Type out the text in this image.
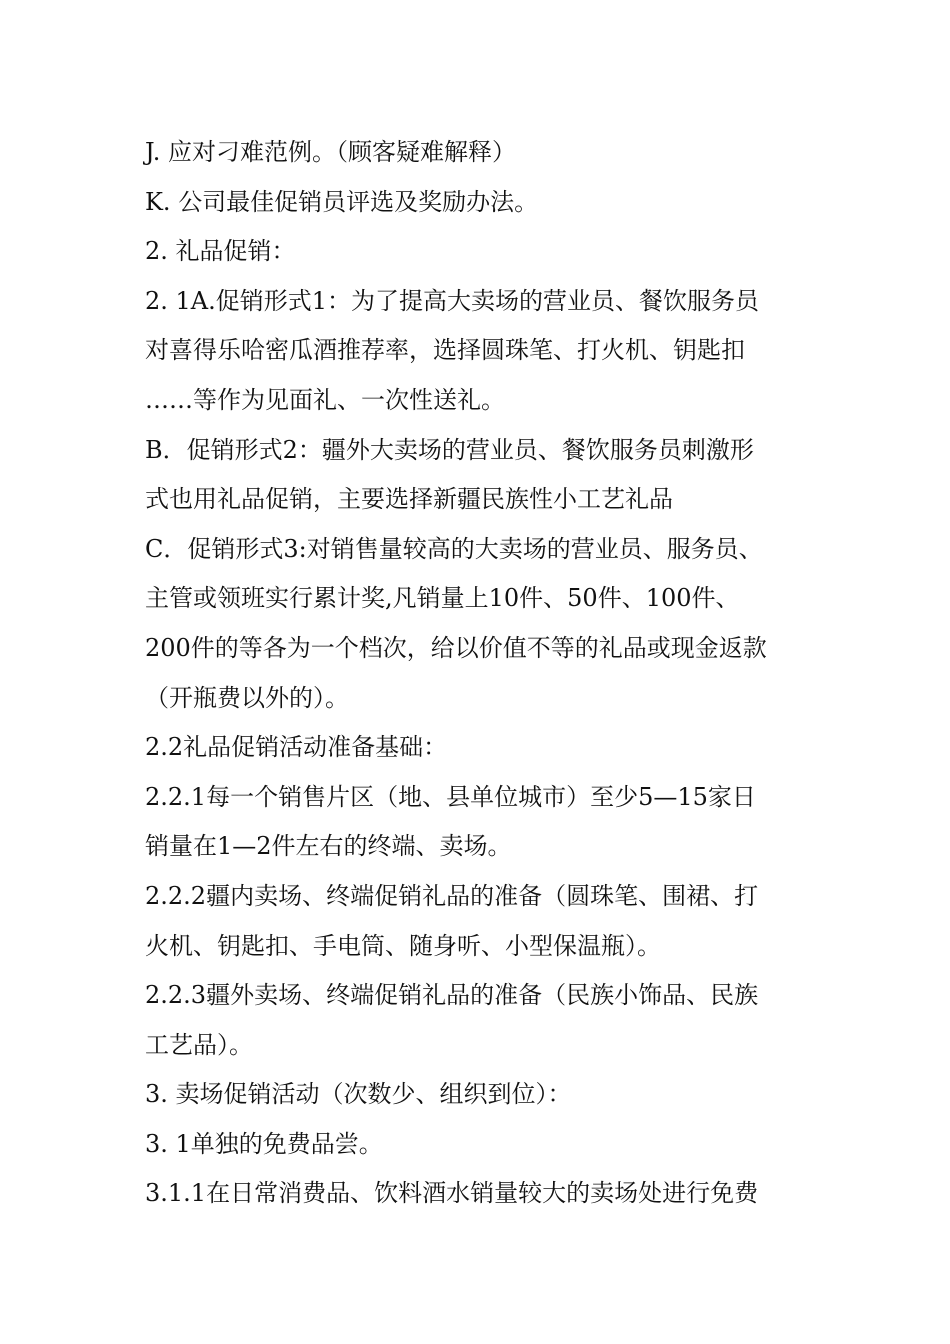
J. 应对刁难范例。（顾客疑难解释）
K. 公司最佳促销员评选及奖励办法。
2. 礼品促销：
2. 1A.促销形式1：为了提高大卖场的营业员、餐饮服务员
对喜得乐哈密瓜酒推荐率，选择圆珠笔、打火机、钥匙扣
……等作为见面礼、一次性送礼。
B．促销形式2：疆外大卖场的营业员、餐饮服务员刺激形
式也用礼品促销，主要选择新疆民族性小工艺礼品
C．促销形式3:对销售量较高的大卖场的营业员、服务员、
主管或领班实行累计奖,凡销量上10件、50件、100件、
200件的等各为一个档次，给以价值不等的礼品或现金返款
（开瓶费以外的）。
2.2礼品促销活动准备基础：
2.2.1每一个销售片区（地、县单位城市）至少5—15家日
销量在1—2件左右的终端、卖场。
2.2.2疆内卖场、终端促销礼品的准备（圆珠笔、围裙、打
火机、钥匙扣、手电筒、随身听、小型保温瓶）。
2.2.3疆外卖场、终端促销礼品的准备（民族小饰品、民族
工艺品）。
3. 卖场促销活动（次数少、组织到位）：
3. 1单独的免费品尝。
3.1.1在日常消费品、饮料酒水销量较大的卖场处进行免费
